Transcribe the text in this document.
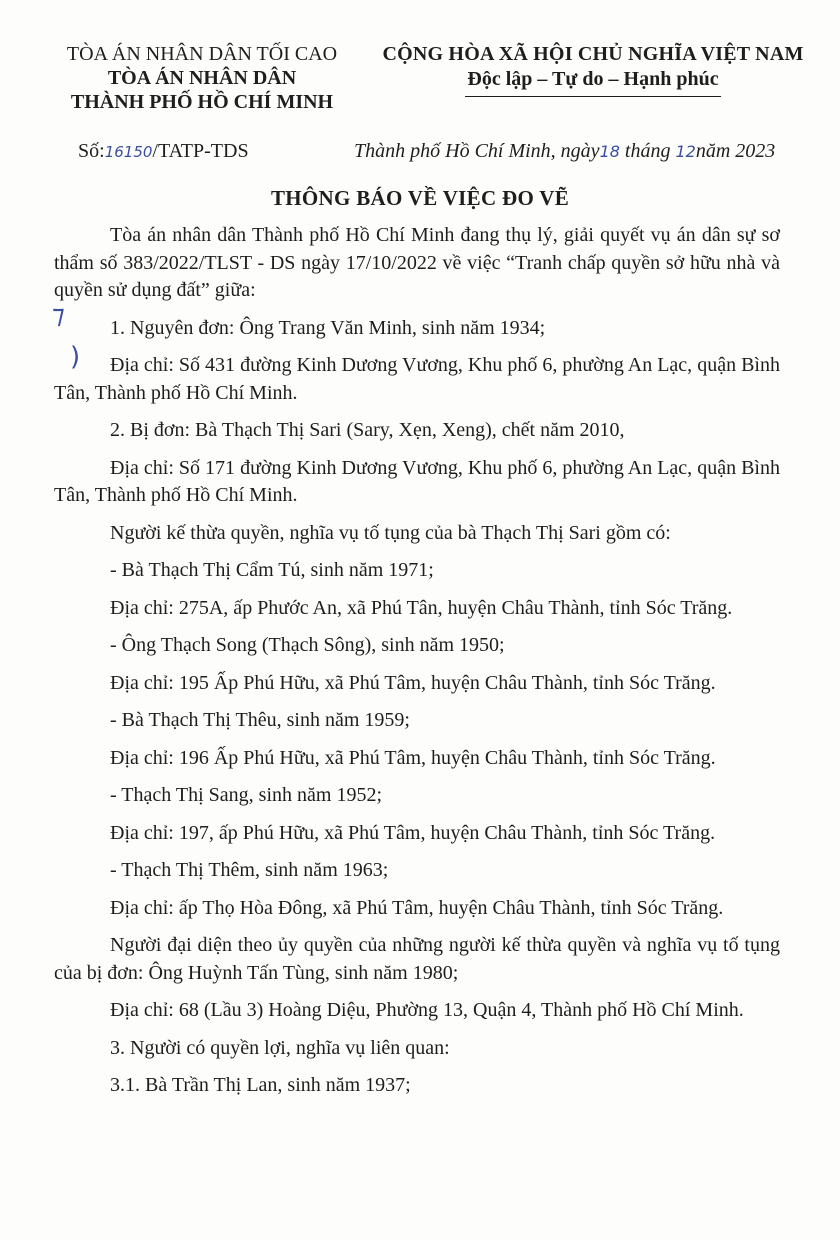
TÒA ÁN NHÂN DÂN TỐI CAO
TÒA ÁN NHÂN DÂN
THÀNH PHỐ HỒ CHÍ MINH
CỘNG HÒA XÃ HỘI CHỦ NGHĨA VIỆT NAM
Độc lập – Tự do – Hạnh phúc
Số:16150/TATP-TDS	Thành phố Hồ Chí Minh, ngày18 tháng 12năm 2023
THÔNG BÁO VỀ VIỆC ĐO VẼ
⁊
)

Tòa án nhân dân Thành phố Hồ Chí Minh đang thụ lý, giải quyết vụ án dân sự sơ thẩm số 383/2022/TLST - DS ngày 17/10/2022 về việc “Tranh chấp quyền sở hữu nhà và quyền sử dụng đất” giữa:

1. Nguyên đơn: Ông Trang Văn Minh, sinh năm 1934;

Địa chỉ: Số 431 đường Kinh Dương Vương, Khu phố 6, phường An Lạc, quận Bình Tân, Thành phố Hồ Chí Minh.

2. Bị đơn: Bà Thạch Thị Sari (Sary, Xẹn, Xeng), chết năm 2010,

Địa chỉ: Số 171 đường Kinh Dương Vương, Khu phố 6, phường An Lạc, quận Bình Tân, Thành phố Hồ Chí Minh.

Người kế thừa quyền, nghĩa vụ tố tụng của bà Thạch Thị Sari gồm có:

- Bà Thạch Thị Cẩm Tú, sinh năm 1971;

Địa chỉ: 275A, ấp Phước An, xã Phú Tân, huyện Châu Thành, tỉnh Sóc Trăng.

- Ông Thạch Song (Thạch Sông), sinh năm 1950;

Địa chỉ: 195 Ấp Phú Hữu, xã Phú Tâm, huyện Châu Thành, tỉnh Sóc Trăng.

- Bà Thạch Thị Thêu, sinh năm 1959;

Địa chỉ: 196 Ấp Phú Hữu, xã Phú Tâm, huyện Châu Thành, tỉnh Sóc Trăng.

- Thạch Thị Sang, sinh năm 1952;

Địa chỉ: 197, ấp Phú Hữu, xã Phú Tâm, huyện Châu Thành, tỉnh Sóc Trăng.

- Thạch Thị Thêm, sinh năm 1963;

Địa chỉ: ấp Thọ Hòa Đông, xã Phú Tâm, huyện Châu Thành, tỉnh Sóc Trăng.

Người đại diện theo ủy quyền của những người kế thừa quyền và nghĩa vụ tố tụng của bị đơn: Ông Huỳnh Tấn Tùng, sinh năm 1980;

Địa chỉ: 68 (Lầu 3) Hoàng Diệu, Phường 13, Quận 4, Thành phố Hồ Chí Minh.

3. Người có quyền lợi, nghĩa vụ liên quan:

3.1. Bà Trần Thị Lan, sinh năm 1937;
